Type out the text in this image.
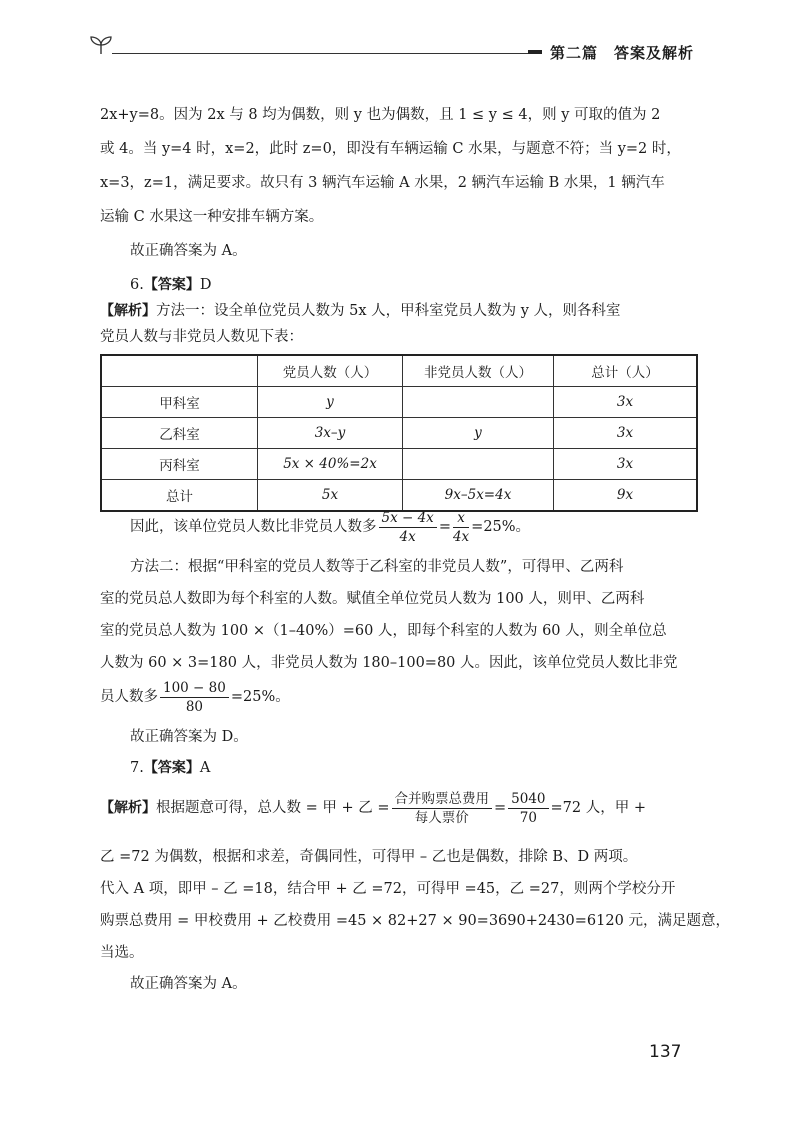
第二篇　答案及解析
2x+y=8。因为 2x 与 8 均为偶数，则 y 也为偶数，且 1 ≤ y ≤ 4，则 y 可取的值为 2
或 4。当 y=4 时，x=2，此时 z=0，即没有车辆运输 C 水果，与题意不符；当 y=2 时，
x=3，z=1，满足要求。故只有 3 辆汽车运输 A 水果，2 辆汽车运输 B 水果，1 辆汽车
运输 C 水果这一种安排车辆方案。
故正确答案为 A。
6.【答案】D
【解析】方法一：设全单位党员人数为 5x 人，甲科室党员人数为 y 人，则各科室
党员人数与非党员人数见下表：
	党员人数（人）	非党员人数（人）	总计（人）
甲科室	y		3x
乙科室	3x–y	y	3x
丙科室	5x × 40%=2x		3x
总计	5x	9x–5x=4x	9x
因此，该单位党员人数比非党员人数多 $\frac{5x - 4x}{4x} = \frac{x}{4x} =25\%$。
方法二：根据“甲科室的党员人数等于乙科室的非党员人数”，可得甲、乙两科
室的党员总人数即为每个科室的人数。赋值全单位党员人数为 100 人，则甲、乙两科
室的党员总人数为 100 ×（1–40%）=60 人，即每个科室的人数为 60 人，则全单位总
人数为 60 × 3=180 人，非党员人数为 180–100=80 人。因此，该单位党员人数比非党
员人数多 $\frac{100 - 80}{80} =25\%$。
故正确答案为 D。
7.【答案】A
【解析】根据题意可得，总人数 = 甲 + 乙 = $\frac{\text{合并购票总费用}}{\text{每人票价}} = \frac{5040}{70} =72$ 人，甲 +
乙 =72 为偶数，根据和求差，奇偶同性，可得甲 – 乙也是偶数，排除 B、D 两项。
代入 A 项，即甲 – 乙 =18，结合甲 + 乙 =72，可得甲 =45，乙 =27，则两个学校分开
购票总费用 = 甲校费用 + 乙校费用 =45 × 82+27 × 90=3690+2430=6120 元，满足题意，
当选。
故正确答案为 A。
137
